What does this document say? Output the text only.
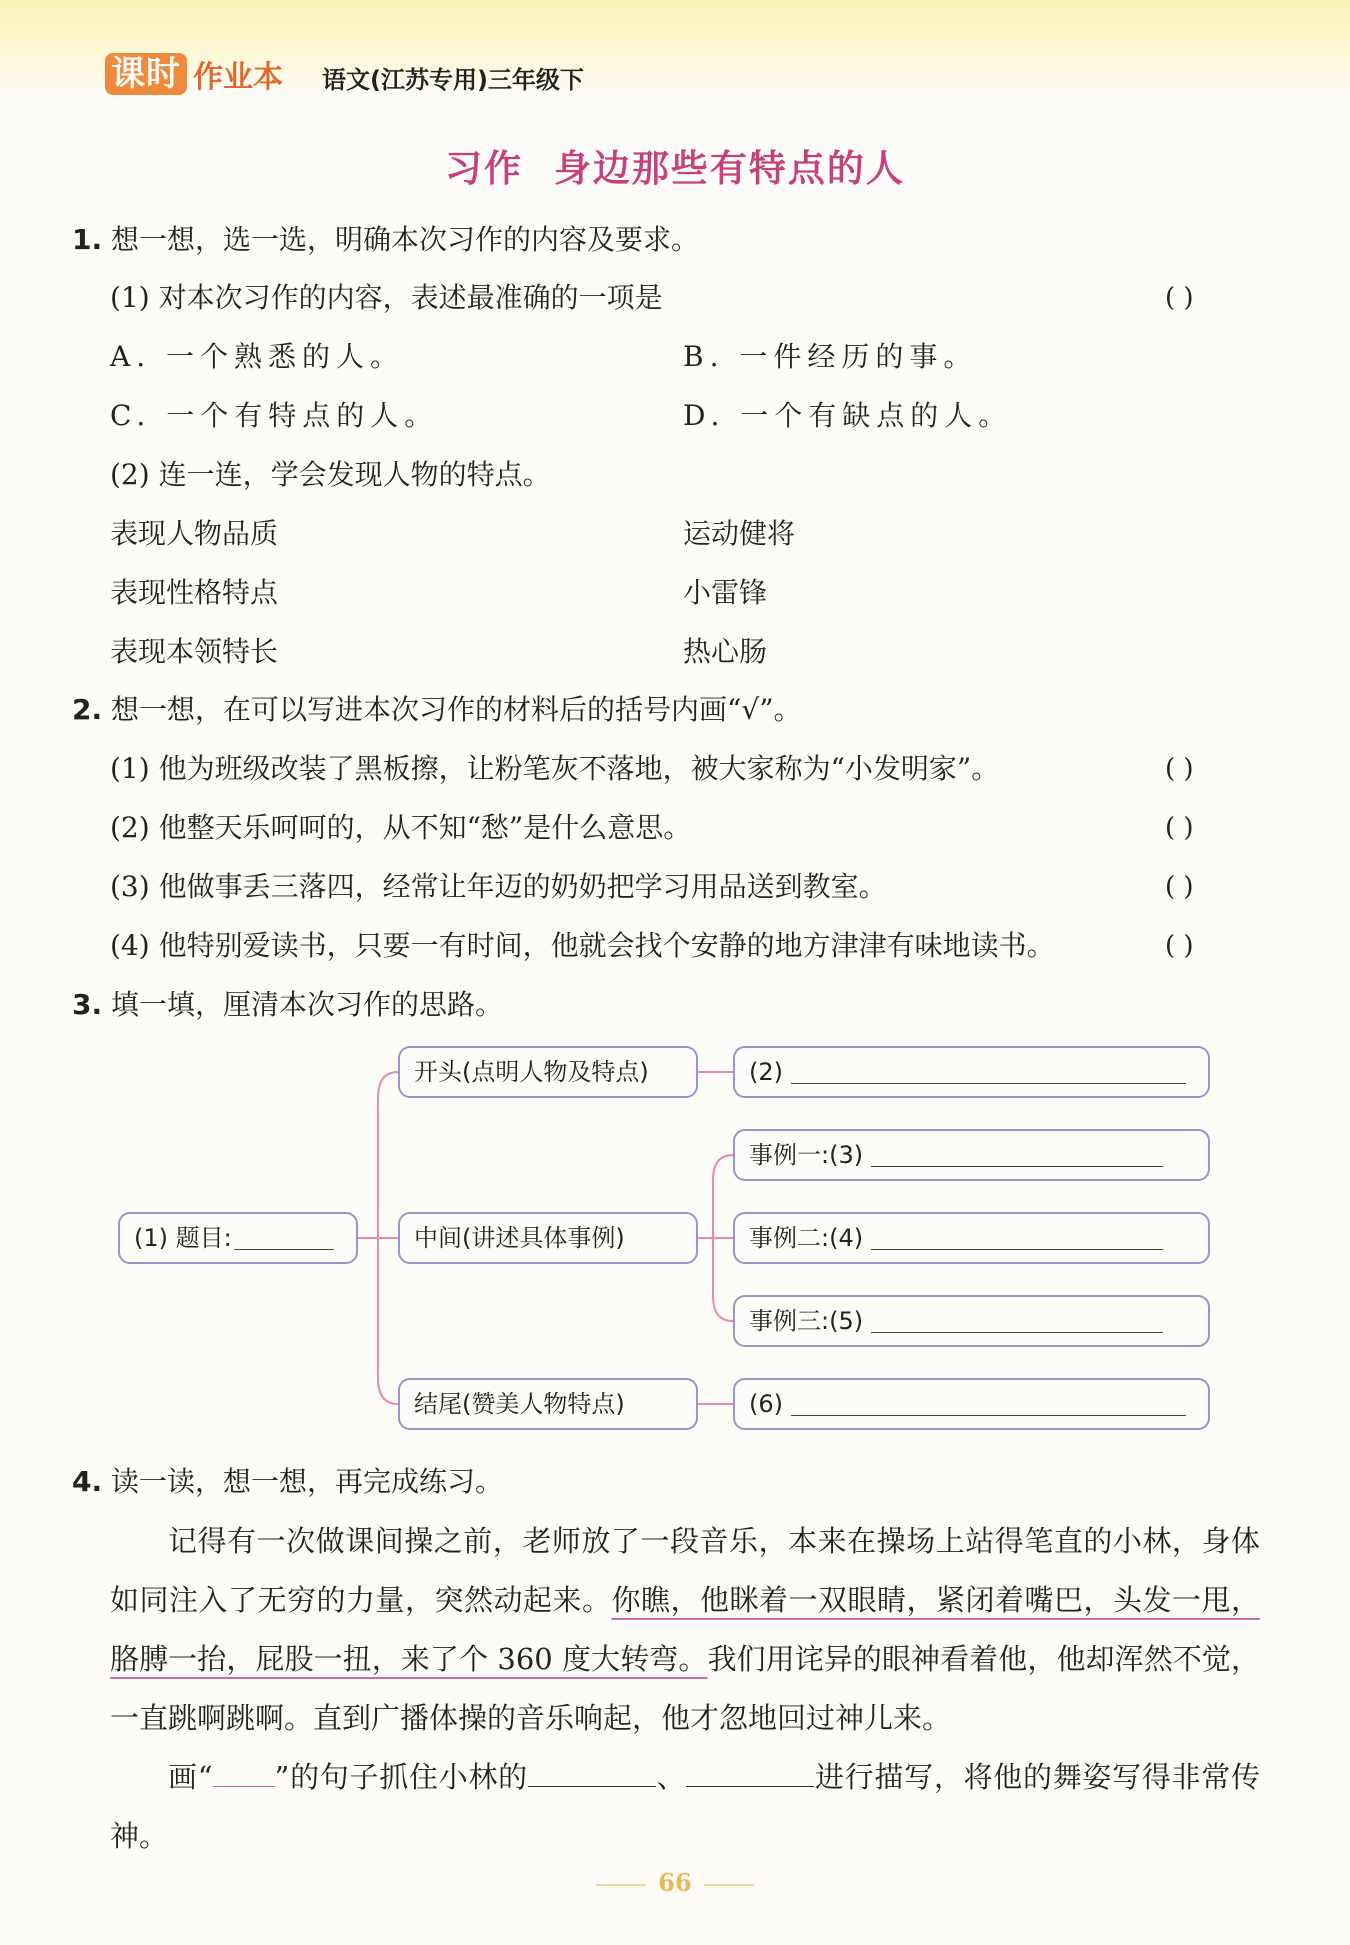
课时 作业本 语文(江苏专用)三年级下
习作 身边那些有特点的人
1. 想一想，选一选，明确本次习作的内容及要求。
(1) 对本次习作的内容，表述最准确的一项是	( )
A. 一个熟悉的人。	B. 一件经历的事。
C. 一个有特点的人。	D. 一个有缺点的人。
(2) 连一连，学会发现人物的特点。
表现人物品质	运动健将
表现性格特点	小雷锋
表现本领特长	热心肠
2. 想一想，在可以写进本次习作的材料后的括号内画“√”。
(1) 他为班级改装了黑板擦，让粉笔灰不落地，被大家称为“小发明家”。	( )
(2) 他整天乐呵呵的，从不知“愁”是什么意思。	( )
(3) 他做事丢三落四，经常让年迈的奶奶把学习用品送到教室。	( )
(4) 他特别爱读书，只要一有时间，他就会找个安静的地方津津有味地读书。	( )
3. 填一填，厘清本次习作的思路。
(1) 题目:
开头(点明人物及特点)
中间(讲述具体事例)
结尾(赞美人物特点)
(2)
事例一:(3)
事例二:(4)
事例三:(5)
(6)
4. 读一读，想一想，再完成练习。
记得有一次做课间操之前，老师放了一段音乐，本来在操场上站得笔直的小林，身体如同注入了无穷的力量，突然动起来。你瞧，他眯着一双眼睛，紧闭着嘴巴，头发一甩，胳膊一抬，屁股一扭，来了个 360 度大转弯。我们用诧异的眼神看着他，他却浑然不觉，一直跳啊跳啊。直到广播体操的音乐响起，他才忽地回过神儿来。
画“ ”的句子抓住小林的	、	进行描写，将他的舞姿写得非常传神。
66
